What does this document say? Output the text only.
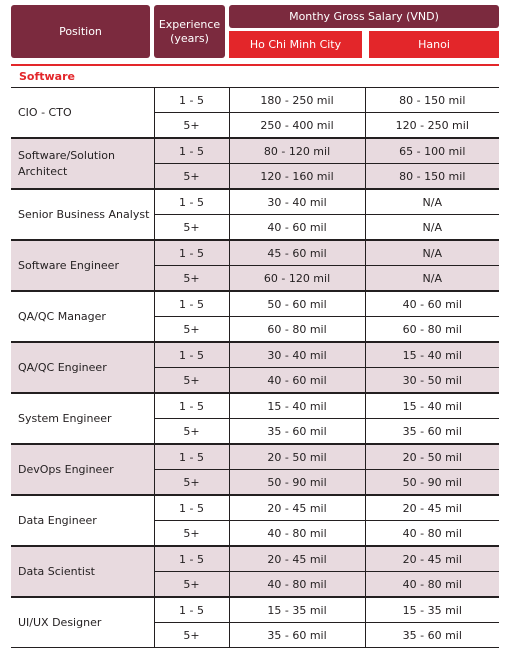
Position
Experience (years)
Monthy Gross Salary (VND)
Ho Chi Minh City	Hanoi
Software
CIO - CTO	1 - 5	180 - 250 mil	80 - 150 mil
	5+	250 - 400 mil	120 - 250 mil
Software/Solution Architect	1 - 5	80 - 120 mil	65 - 100 mil
	5+	120 - 160 mil	80 - 150 mil
Senior Business Analyst	1 - 5	30 - 40 mil	N/A
	5+	40 - 60 mil	N/A
Software Engineer	1 - 5	45 - 60 mil	N/A
	5+	60 - 120 mil	N/A
QA/QC Manager	1 - 5	50 - 60 mil	40 - 60 mil
	5+	60 - 80 mil	60 - 80 mil
QA/QC Engineer	1 - 5	30 - 40 mil	15 - 40 mil
	5+	40 - 60 mil	30 - 50 mil
System Engineer	1 - 5	15 - 40 mil	15 - 40 mil
	5+	35 - 60 mil	35 - 60 mil
DevOps Engineer	1 - 5	20 - 50 mil	20 - 50 mil
	5+	50 - 90 mil	50 - 90 mil
Data Engineer	1 - 5	20 - 45 mil	20 - 45 mil
	5+	40 - 80 mil	40 - 80 mil
Data Scientist	1 - 5	20 - 45 mil	20 - 45 mil
	5+	40 - 80 mil	40 - 80 mil
UI/UX Designer	1 - 5	15 - 35 mil	15 - 35 mil
	5+	35 - 60 mil	35 - 60 mil
